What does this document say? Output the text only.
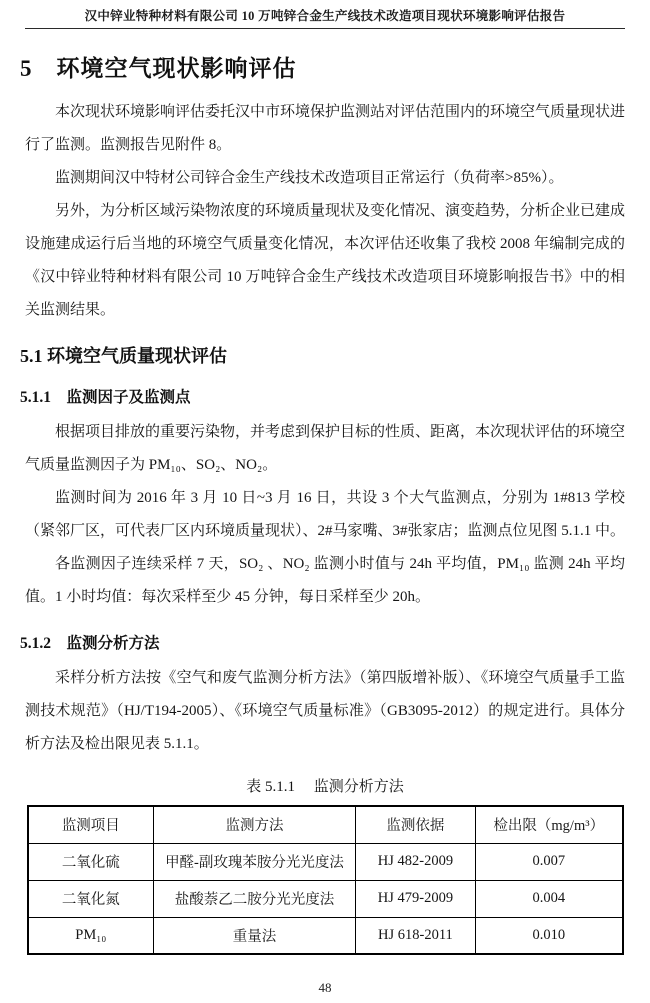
汉中锌业特种材料有限公司 10 万吨锌合金生产线技术改造项目现状环境影响评估报告
5　环境空气现状影响评估

本次现状环境影响评估委托汉中市环境保护监测站对评估范围内的环境空气质量现状进行了监测。监测报告见附件 8。

监测期间汉中特材公司锌合金生产线技术改造项目正常运行（负荷率>85%）。

另外，为分析区域污染物浓度的环境质量现状及变化情况、演变趋势，分析企业已建成设施建成运行后当地的环境空气质量变化情况，本次评估还收集了我校 2008 年编制完成的《汉中锌业特种材料有限公司 10 万吨锌合金生产线技术改造项目环境影响报告书》中的相关监测结果。

5.1 环境空气质量现状评估
5.1.1　监测因子及监测点

根据项目排放的重要污染物，并考虑到保护目标的性质、距离，本次现状评估的环境空气质量监测因子为 PM₁₀、SO₂、NO₂。

监测时间为 2016 年 3 月 10 日~3 月 16 日，共设 3 个大气监测点，分别为 1#813 学校（紧邻厂区，可代表厂区内环境质量现状）、2#马家嘴、3#张家店；监测点位见图 5.1.1 中。

各监测因子连续采样 7 天，SO₂ 、NO₂ 监测小时值与 24h 平均值，PM₁₀ 监测 24h 平均值。1 小时均值：每次采样至少 45 分钟，每日采样至少 20h。

5.1.2　监测分析方法

采样分析方法按《空气和废气监测分析方法》（第四版增补版）、《环境空气质量手工监测技术规范》（HJ/T194-2005）、《环境空气质量标准》（GB3095-2012）的规定进行。具体分析方法及检出限见表 5.1.1。

表 5.1.1　 监测分析方法
监测项目	监测方法	监测依据	检出限（mg/m³）
二氧化硫	甲醛-副玫瑰苯胺分光光度法	HJ 482-2009	0.007
二氧化氮	盐酸萘乙二胺分光光度法	HJ 479-2009	0.004
PM₁₀	重量法	HJ 618-2011	0.010
48
